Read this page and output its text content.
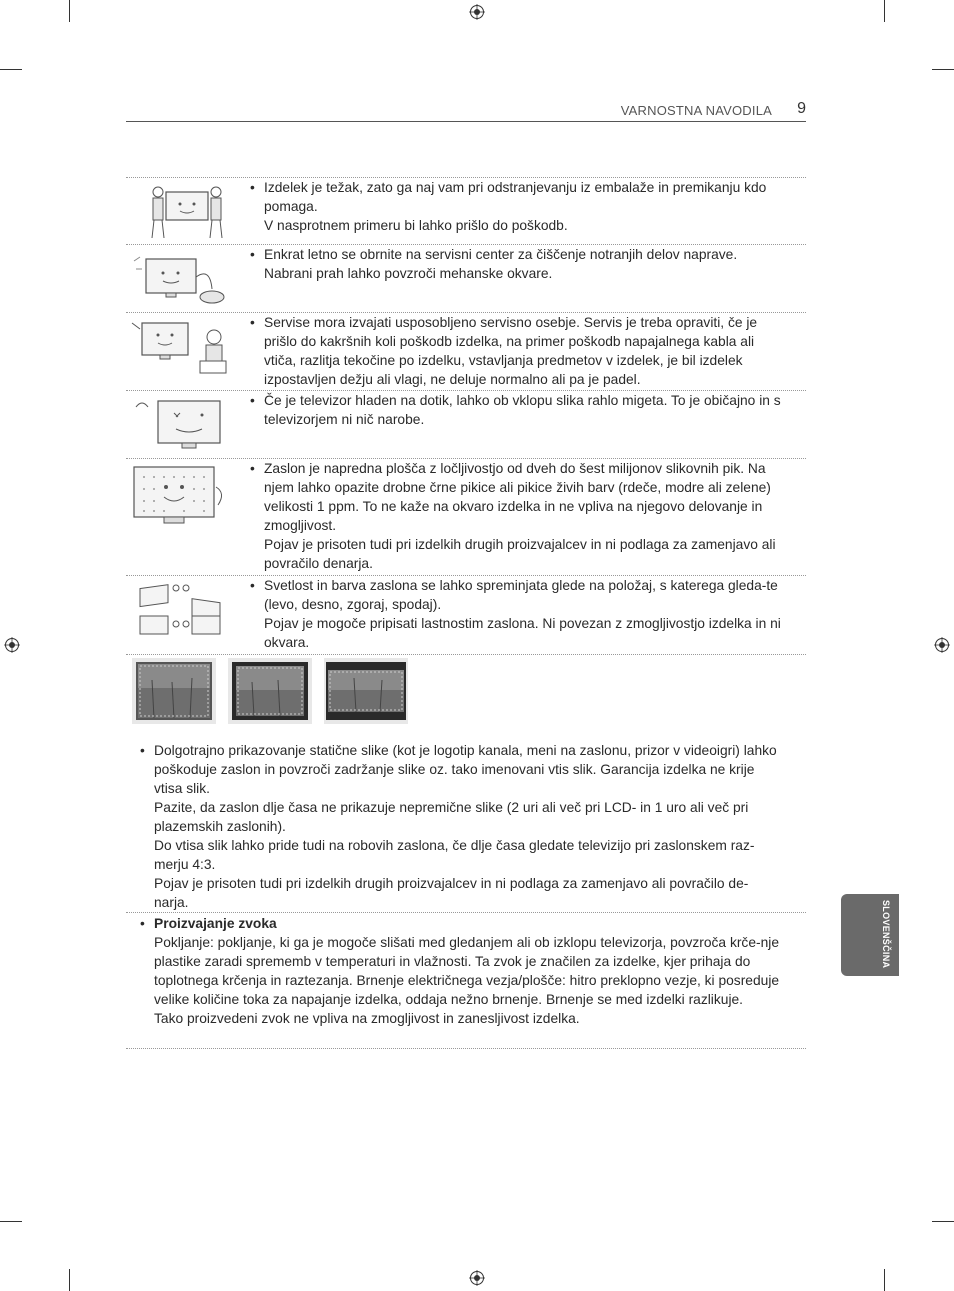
VARNOSTNA NAVODILA 9
SLOVENŠČINA
• Izdelek je težak, zato ga naj vam pri odstranjevanju iz embalaže in premikanju kdo pomaga.
V nasprotnem primeru bi lahko prišlo do poškodb.
• Enkrat letno se obrnite na servisni center za čiščenje notranjih delov naprave.
Nabrani prah lahko povzroči mehanske okvare.
• Servise mora izvajati usposobljeno servisno osebje. Servis je treba opraviti, če je prišlo do kakršnih koli poškodb izdelka, na primer poškodb napajalnega kabla ali vtiča, razlitja tekočine po izdelku, vstavljanja predmetov v izdelek, je bil izdelek izpostavljen dežju ali vlagi, ne deluje normalno ali pa je padel.
• Če je televizor hladen na dotik, lahko ob vklopu slika rahlo migeta. To je običajno in s televizorjem ni nič narobe.
• Zaslon je napredna plošča z ločljivostjo od dveh do šest milijonov slikovnih pik. Na njem lahko opazite drobne črne pikice ali pikice živih barv (rdeče, modre ali zelene) velikosti 1 ppm. To ne kaže na okvaro izdelka in ne vpliva na njegovo delovanje in zmogljivost.
Pojav je prisoten tudi pri izdelkih drugih proizvajalcev in ni podlaga za zamenjavo ali povračilo denarja.
• Svetlost in barva zaslona se lahko spreminjata glede na položaj, s katerega gleda-te (levo, desno, zgoraj, spodaj).
Pojav je mogoče pripisati lastnostim zaslona. Ni povezan z zmogljivostjo izdelka in ni okvara.
• Dolgotrajno prikazovanje statične slike (kot je logotip kanala, meni na zaslonu, prizor v videoigri) lahko poškoduje zaslon in povzroči zadržanje slike oz. tako imenovani vtis slik. Garancija izdelka ne krije vtisa slik.
Pazite, da zaslon dlje časa ne prikazuje nepremične slike (2 uri ali več pri LCD- in 1 uro ali več pri plazemskih zaslonih).
Do vtisa slik lahko pride tudi na robovih zaslona, če dlje časa gledate televizijo pri zaslonskem raz-merju 4:3.
Pojav je prisoten tudi pri izdelkih drugih proizvajalcev in ni podlaga za zamenjavo ali povračilo de-narja.
• Proizvajanje zvoka
Pokljanje: pokljanje, ki ga je mogoče slišati med gledanjem ali ob izklopu televizorja, povzroča krče-nje plastike zaradi sprememb v temperaturi in vlažnosti. Ta zvok je značilen za izdelke, kjer prihaja do toplotnega krčenja in raztezanja. Brnenje električnega vezja/plošče: hitro preklopno vezje, ki posreduje velike količine toka za napajanje izdelka, oddaja nežno brnenje. Brnenje se med izdelki razlikuje.
Tako proizvedeni zvok ne vpliva na zmogljivost in zanesljivost izdelka.
